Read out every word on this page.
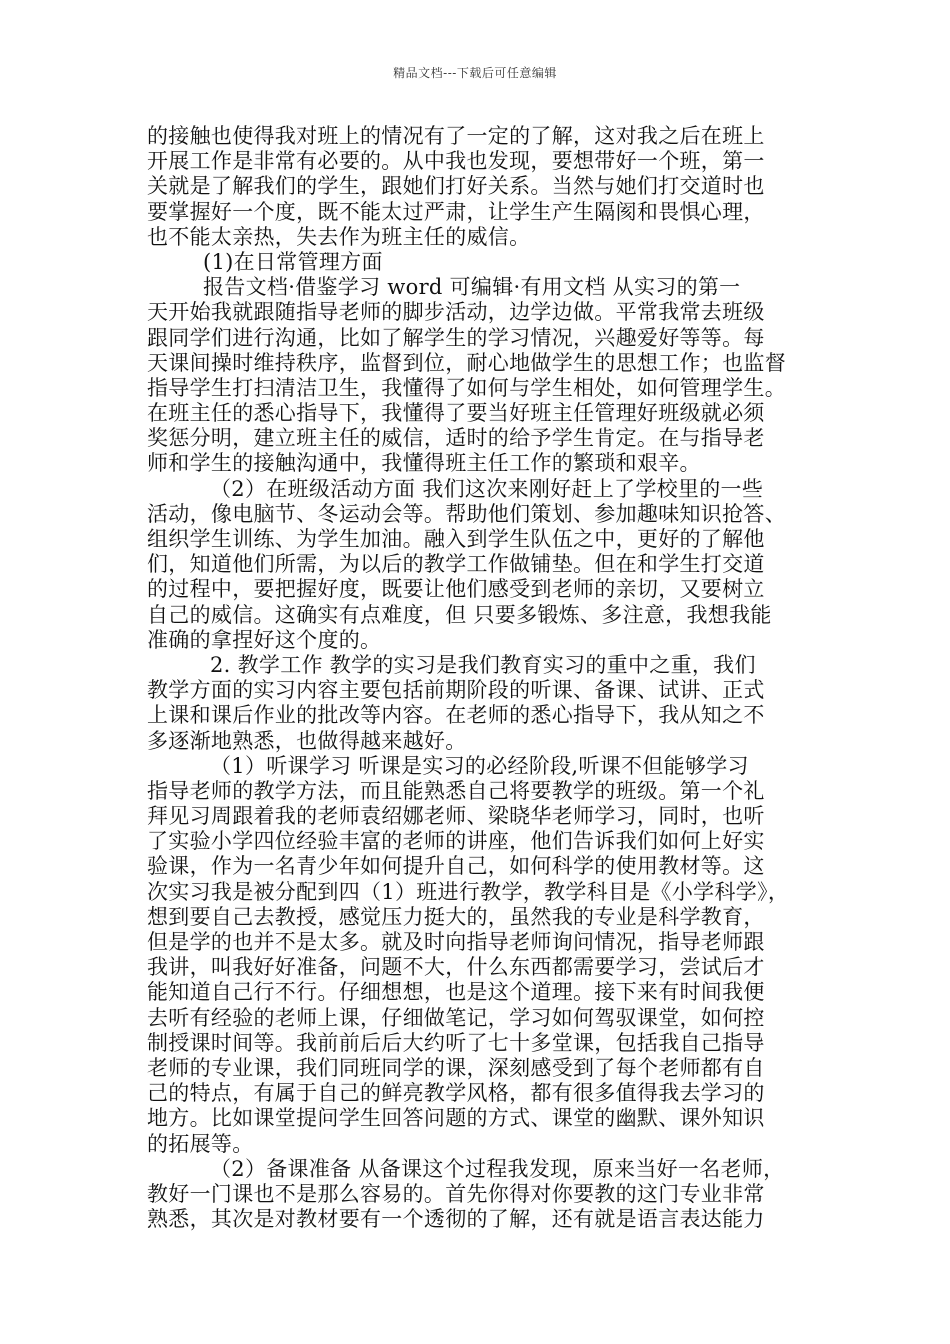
精品文档---下载后可任意编辑
的接触也使得我对班上的情况有了一定的了解，这对我之后在班上
开展工作是非常有必要的。从中我也发现，要想带好一个班，第一
关就是了解我们的学生，跟她们打好关系。当然与她们打交道时也
要掌握好一个度，既不能太过严肃，让学生产生隔阂和畏惧心理，
也不能太亲热，失去作为班主任的威信。
(1)在日常管理方面
报告文档·借鉴学习 word 可编辑·有用文档 从实习的第一
天开始我就跟随指导老师的脚步活动，边学边做。平常我常去班级
跟同学们进行沟通，比如了解学生的学习情况，兴趣爱好等等。每
天课间操时维持秩序，监督到位，耐心地做学生的思想工作；也监督
指导学生打扫清洁卫生，我懂得了如何与学生相处，如何管理学生。
在班主任的悉心指导下，我懂得了要当好班主任管理好班级就必须
奖惩分明，建立班主任的威信，适时的给予学生肯定。在与指导老
师和学生的接触沟通中，我懂得班主任工作的繁琐和艰辛。
（2）在班级活动方面 我们这次来刚好赶上了学校里的一些
活动，像电脑节、冬运动会等。帮助他们策划、参加趣味知识抢答、
组织学生训练、为学生加油。融入到学生队伍之中，更好的了解他
们，知道他们所需，为以后的教学工作做铺垫。但在和学生打交道
的过程中，要把握好度，既要让他们感受到老师的亲切，又要树立
自己的威信。这确实有点难度，但 只要多锻炼、多注意，我想我能
准确的拿捏好这个度的。
2. 教学工作 教学的实习是我们教育实习的重中之重，我们
教学方面的实习内容主要包括前期阶段的听课、备课、试讲、正式
上课和课后作业的批改等内容。在老师的悉心指导下，我从知之不
多逐渐地熟悉，也做得越来越好。
（1）听课学习 听课是实习的必经阶段,听课不但能够学习
指导老师的教学方法，而且能熟悉自己将要教学的班级。第一个礼
拜见习周跟着我的老师袁绍娜老师、梁晓华老师学习，同时，也听
了实验小学四位经验丰富的老师的讲座，他们告诉我们如何上好实
验课，作为一名青少年如何提升自己，如何科学的使用教材等。这
次实习我是被分配到四（1）班进行教学，教学科目是《小学科学》，
想到要自己去教授，感觉压力挺大的，虽然我的专业是科学教育，
但是学的也并不是太多。就及时向指导老师询问情况，指导老师跟
我讲，叫我好好准备，问题不大，什么东西都需要学习，尝试后才
能知道自己行不行。仔细想想，也是这个道理。接下来有时间我便
去听有经验的老师上课，仔细做笔记，学习如何驾驭课堂，如何控
制授课时间等。我前前后后大约听了七十多堂课，包括我自己指导
老师的专业课，我们同班同学的课，深刻感受到了每个老师都有自
己的特点，有属于自己的鲜亮教学风格，都有很多值得我去学习的
地方。比如课堂提问学生回答问题的方式、课堂的幽默、课外知识
的拓展等。
（2）备课准备 从备课这个过程我发现，原来当好一名老师，
教好一门课也不是那么容易的。首先你得对你要教的这门专业非常
熟悉，其次是对教材要有一个透彻的了解，还有就是语言表达能力
